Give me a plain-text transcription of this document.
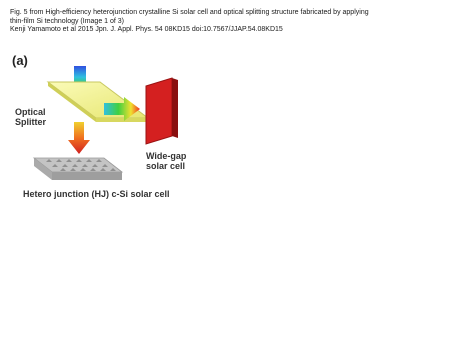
Fig. 5 from High-efficiency heterojunction crystalline Si solar cell and optical splitting structure fabricated by applying
thin-film Si technology (Image 1 of 3)
Kenji Yamamoto et al 2015 Jpn. J. Appl. Phys. 54 08KD15 doi:10.7567/JJAP.54.08KD15
(a)
Optical
Splitter
Wide-gap
solar cell
Hetero junction (HJ) c-Si solar cell
